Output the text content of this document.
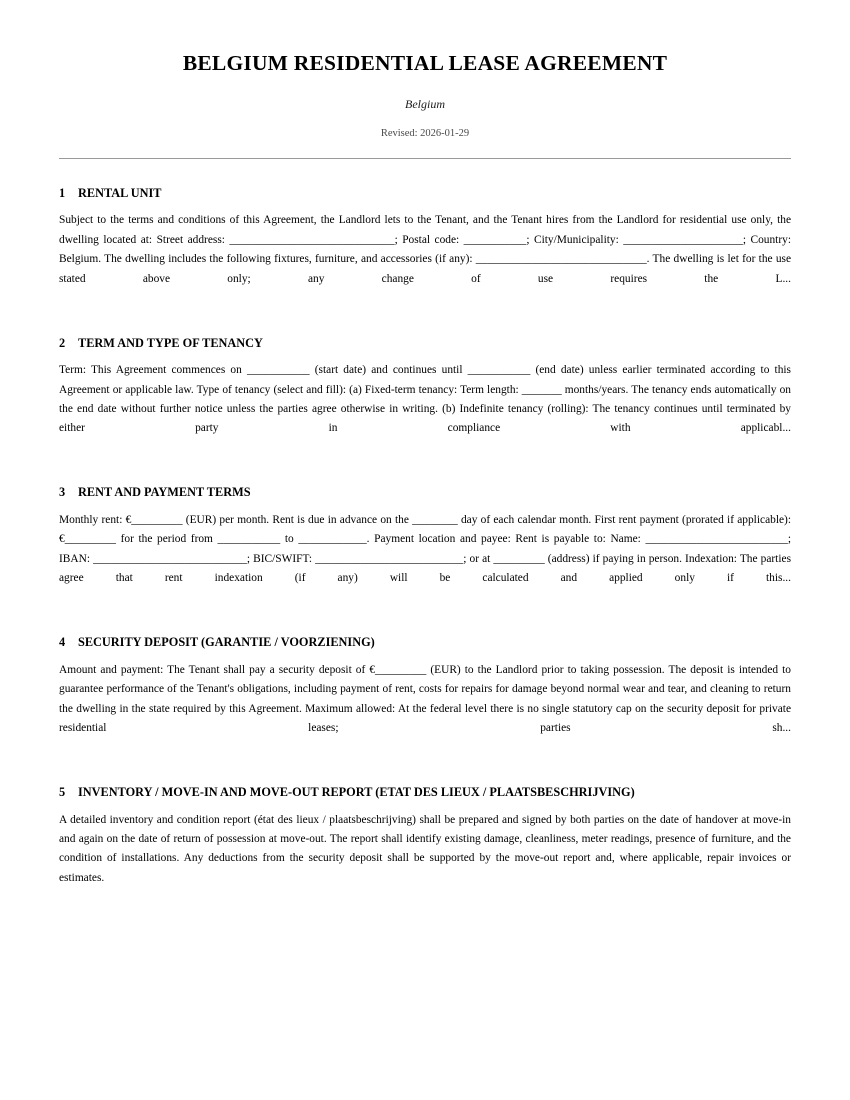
BELGIUM RESIDENTIAL LEASE AGREEMENT
Belgium
Revised: 2026-01-29
1 RENTAL UNIT

Subject to the terms and conditions of this Agreement, the Landlord lets to the Tenant, and the Tenant hires from the Landlord for residential use only, the dwelling located at: Street address: _____________________________; Postal code: ___________; City/Municipality: _____________________; Country: Belgium. The dwelling includes the following fixtures, furniture, and accessories (if any): ______________________________. The dwelling is let for the use stated above only; any change of use requires the L...

2 TERM AND TYPE OF TENANCY

Term: This Agreement commences on ___________ (start date) and continues until ___________ (end date) unless earlier terminated according to this Agreement or applicable law. Type of tenancy (select and fill): (a) Fixed-term tenancy: Term length: _______ months/years. The tenancy ends automatically on the end date without further notice unless the parties agree otherwise in writing. (b) Indefinite tenancy (rolling): The tenancy continues until terminated by either party in compliance with applicabl...

3 RENT AND PAYMENT TERMS

Monthly rent: €_________ (EUR) per month. Rent is due in advance on the ________ day of each calendar month. First rent payment (prorated if applicable): €_________ for the period from ___________ to ____________. Payment location and payee: Rent is payable to: Name: _________________________; IBAN: ___________________________; BIC/SWIFT: __________________________; or at _________ (address) if paying in person. Indexation: The parties agree that rent indexation (if any) will be calculated and applied only if this...

4 SECURITY DEPOSIT (GARANTIE / VOORZIENING)

Amount and payment: The Tenant shall pay a security deposit of €_________ (EUR) to the Landlord prior to taking possession. The deposit is intended to guarantee performance of the Tenant's obligations, including payment of rent, costs for repairs for damage beyond normal wear and tear, and cleaning to return the dwelling in the state required by this Agreement. Maximum allowed: At the federal level there is no single statutory cap on the security deposit for private residential leases; parties sh...

5 INVENTORY / MOVE-IN AND MOVE-OUT REPORT (ETAT DES LIEUX / PLAATSBESCHRIJVING)

A detailed inventory and condition report (état des lieux / plaatsbeschrijving) shall be prepared and signed by both parties on the date of handover at move-in and again on the date of return of possession at move-out. The report shall identify existing damage, cleanliness, meter readings, presence of furniture, and the condition of installations. Any deductions from the security deposit shall be supported by the move-out report and, where applicable, repair invoices or estimates.
